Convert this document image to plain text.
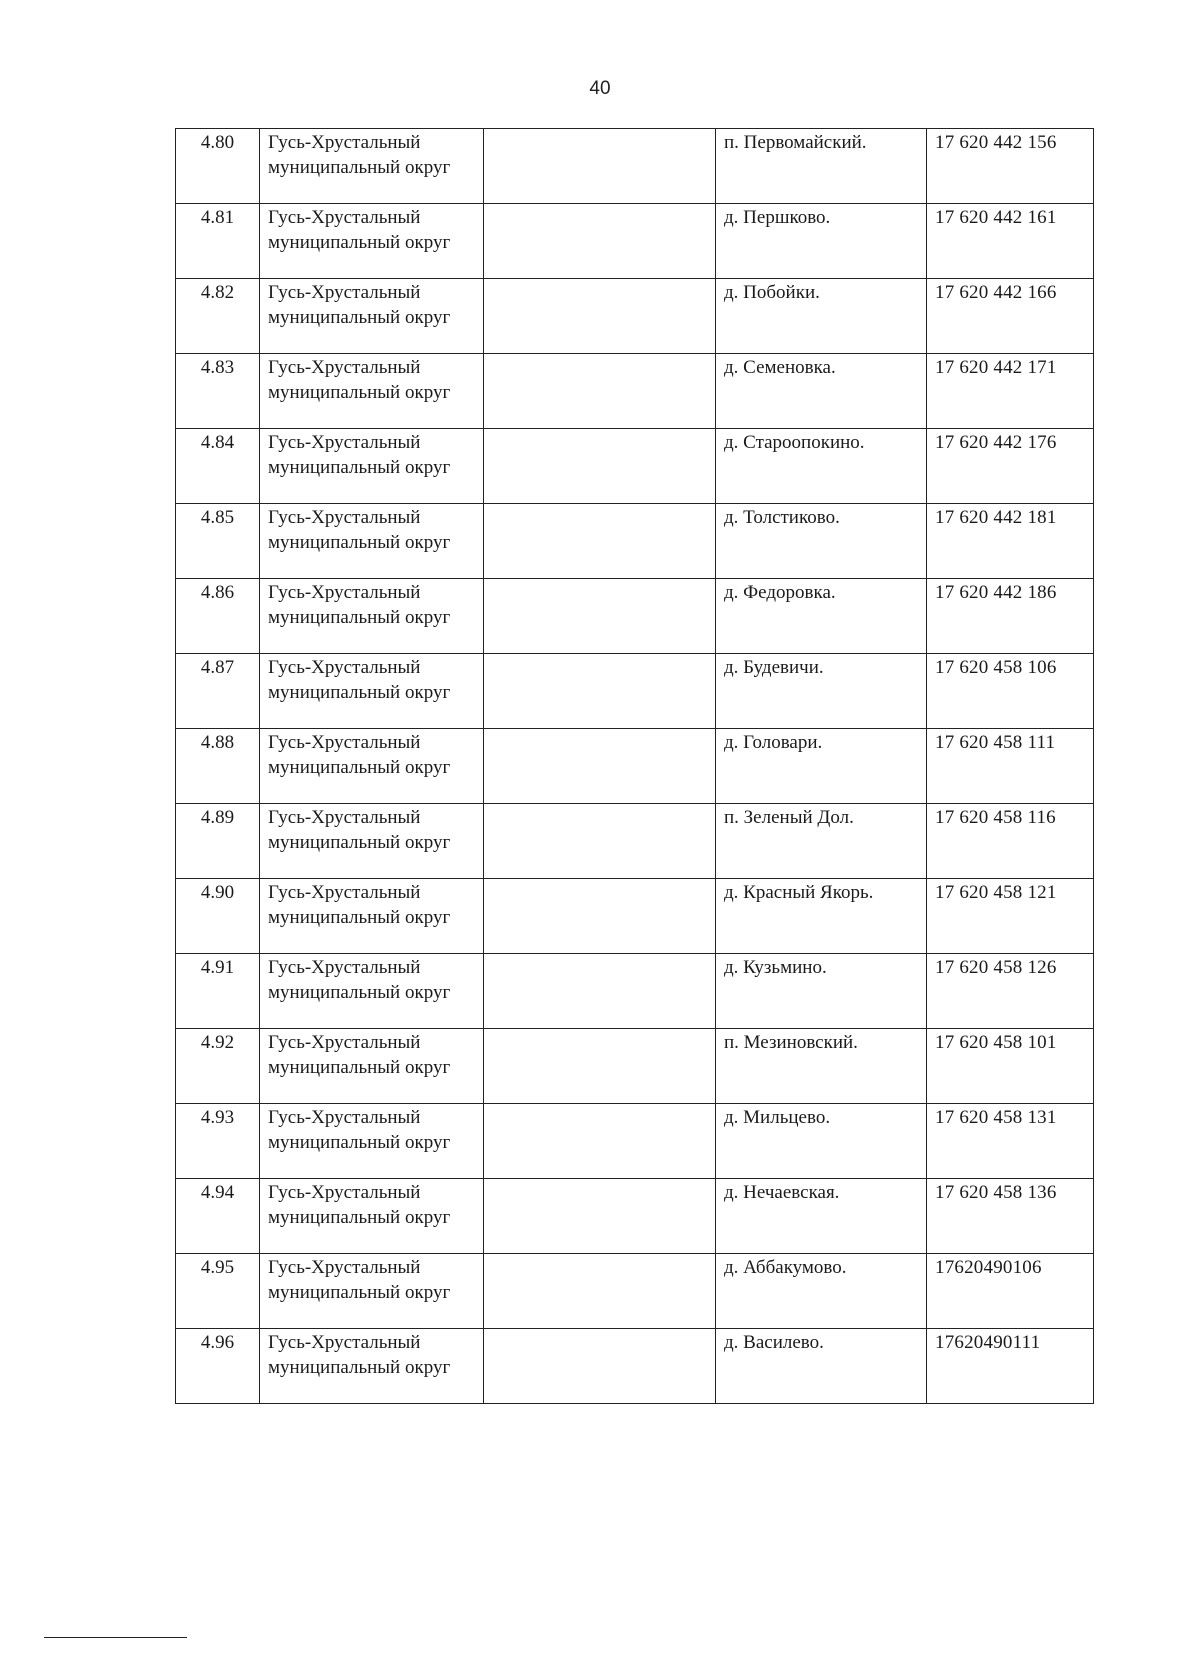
40
4.80	Гусь-Хрустальный муниципальный округ		п. Первомайский.	17 620 442 156
4.81	Гусь-Хрустальный муниципальный округ		д. Першково.	17 620 442 161
4.82	Гусь-Хрустальный муниципальный округ		д. Побойки.	17 620 442 166
4.83	Гусь-Хрустальный муниципальный округ		д. Семеновка.	17 620 442 171
4.84	Гусь-Хрустальный муниципальный округ		д. Староопокино.	17 620 442 176
4.85	Гусь-Хрустальный муниципальный округ		д. Толстиково.	17 620 442 181
4.86	Гусь-Хрустальный муниципальный округ		д. Федоровка.	17 620 442 186
4.87	Гусь-Хрустальный муниципальный округ		д. Будевичи.	17 620 458 106
4.88	Гусь-Хрустальный муниципальный округ		д. Головари.	17 620 458 111
4.89	Гусь-Хрустальный муниципальный округ		п. Зеленый Дол.	17 620 458 116
4.90	Гусь-Хрустальный муниципальный округ		д. Красный Якорь.	17 620 458 121
4.91	Гусь-Хрустальный муниципальный округ		д. Кузьмино.	17 620 458 126
4.92	Гусь-Хрустальный муниципальный округ		п. Мезиновский.	17 620 458 101
4.93	Гусь-Хрустальный муниципальный округ		д. Мильцево.	17 620 458 131
4.94	Гусь-Хрустальный муниципальный округ		д. Нечаевская.	17 620 458 136
4.95	Гусь-Хрустальный муниципальный округ		д. Аббакумово.	17620490106
4.96	Гусь-Хрустальный муниципальный округ		д. Василево.	17620490111
